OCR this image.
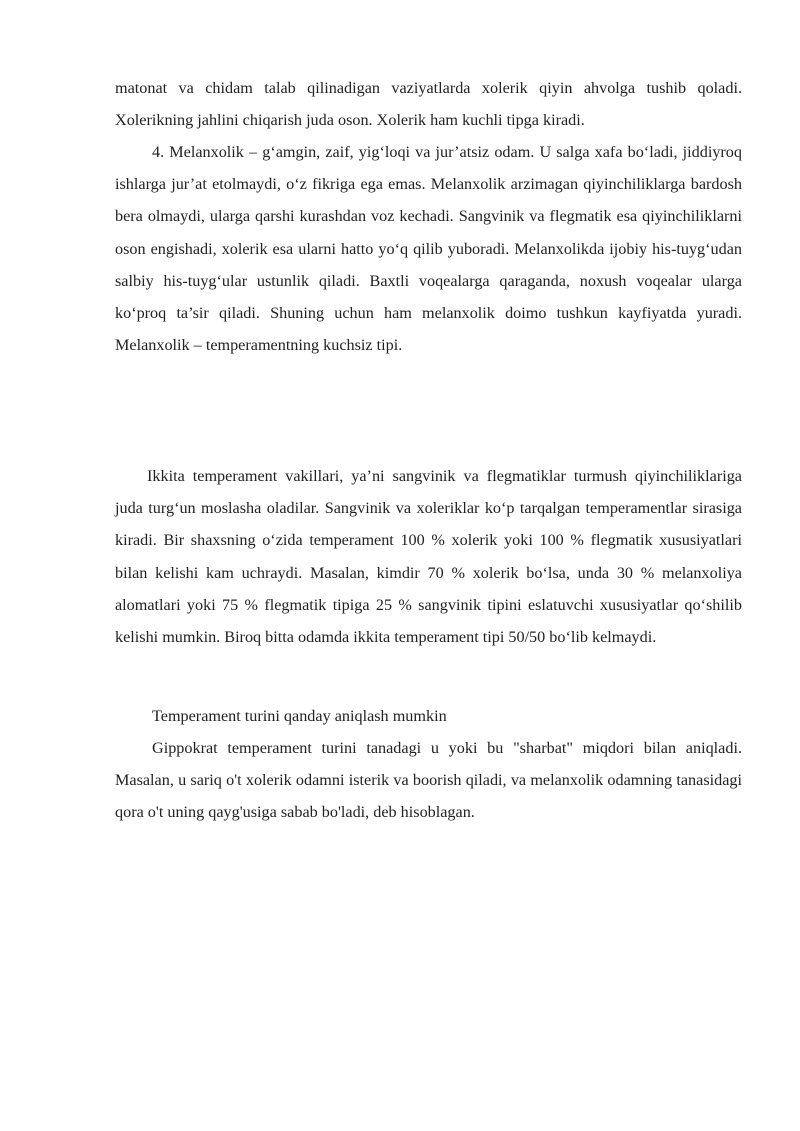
matonat va chidam talab qilinadigan vaziyatlarda xolerik qiyin ahvolga tushib qoladi. Xolerikning jahlini chiqarish juda oson. Xolerik ham kuchli tipga kiradi.

4. Melanxolik – g‘amgin, zaif, yig‘loqi va jur’atsiz odam. U salga xafa bo‘ladi, jiddiyroq ishlarga jur’at etolmaydi, o‘z fikriga ega emas. Melanxolik arzimagan qiyinchiliklarga bardosh bera olmaydi, ularga qarshi kurashdan voz kechadi. Sangvinik va flegmatik esa qiyinchiliklarni oson engishadi, xolerik esa ularni hatto yo‘q qilib yuboradi. Melanxolikda ijobiy his-tuyg‘udan salbiy his-tuyg‘ular ustunlik qiladi. Baxtli voqealarga qaraganda, noxush voqealar ularga ko‘proq ta’sir qiladi. Shuning uchun ham melanxolik doimo tushkun kayfiyatda yuradi. Melanxolik – temperamentning kuchsiz tipi.

Ikkita temperament vakillari, ya’ni sangvinik va flegmatiklar turmush qiyinchiliklariga juda turg‘un moslasha oladilar. Sangvinik va xoleriklar ko‘p tarqalgan temperamentlar sirasiga kiradi. Bir shaxsning o‘zida temperament 100 % xolerik yoki 100 % flegmatik xususiyatlari bilan kelishi kam uchraydi. Masalan, kimdir 70 % xolerik bo‘lsa, unda 30 % melanxoliya alomatlari yoki 75 % flegmatik tipiga 25 % sangvinik tipini eslatuvchi xususiyatlar qo‘shilib kelishi mumkin. Biroq bitta odamda ikkita temperament tipi 50/50 bo‘lib kelmaydi.

Temperament turini qanday aniqlash mumkin

Gippokrat temperament turini tanadagi u yoki bu "sharbat" miqdori bilan aniqladi. Masalan, u sariq o't xolerik odamni isterik va boorish qiladi, va melanxolik odamning tanasidagi qora o't uning qayg'usiga sabab bo'ladi, deb hisoblagan.
